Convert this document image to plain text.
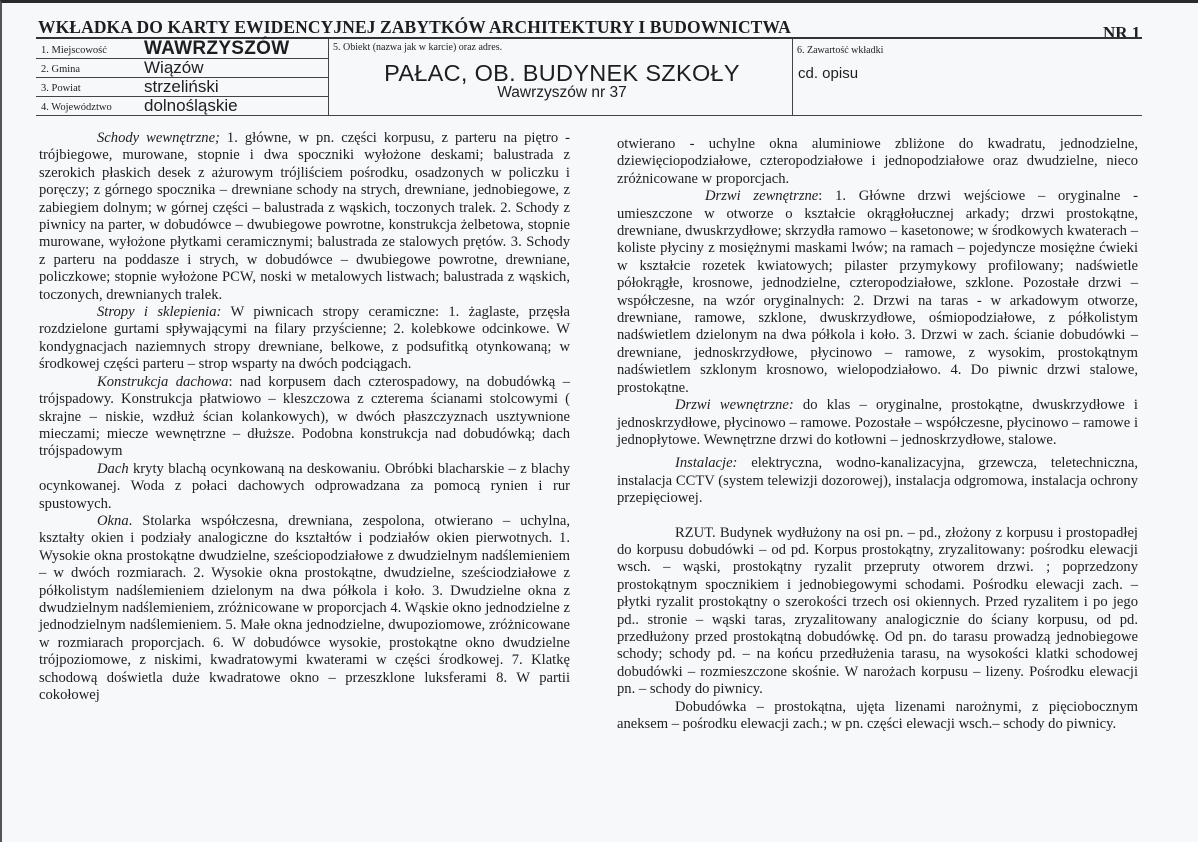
WKŁADKA DO KARTY EWIDENCYJNEJ ZABYTKÓW ARCHITEKTURY I BUDOWNICTWA	NR 1
1. Miejscowość WAWRZYSZÓW
2. Gmina	Wiązów
3. Powiat	strzeliński
4. Województwo dolnośląskie
5. Obiekt (nazwa jak w karcie) oraz adres.
PAŁAC, OB. BUDYNEK SZKOŁY
Wawrzyszów nr 37
6. Zawartość wkładki
cd. opisu

Schody wewnętrzne; 1. główne, w pn. części korpusu, z parteru na piętro - trójbiegowe, murowane, stopnie i dwa spoczniki wyłożone deskami; balustrada z szerokich płaskich desek z ażurowym trójliściem pośrodku, osadzonych w policzku i poręczy; z górnego spocznika – drewniane schody na strych, drewniane, jednobiegowe, z zabiegiem dolnym; w górnej części – balustrada z wąskich, toczonych tralek. 2. Schody z piwnicy na parter, w dobudówce – dwubiegowe powrotne, konstrukcja żelbetowa, stopnie murowane, wyłożone płytkami ceramicznymi; balustrada ze stalowych prętów. 3. Schody z parteru na poddasze i strych, w dobudówce – dwubiegowe powrotne, drewniane, policzkowe; stopnie wyłożone PCW, noski w metalowych listwach; balustrada z wąskich, toczonych, drewnianych tralek.

Stropy i sklepienia: W piwnicach stropy ceramiczne: 1. żaglaste, przęsła rozdzielone gurtami spływającymi na filary przyścienne; 2. kolebkowe odcinkowe. W kondygnacjach naziemnych stropy drewniane, belkowe, z podsufitką otynkowaną; w środkowej części parteru – strop wsparty na dwóch podciągach.

Konstrukcja dachowa: nad korpusem dach czterospadowy, na dobudówką – trójspadowy. Konstrukcja płatwiowo – kleszczowa z czterema ścianami stolcowymi ( skrajne – niskie, wzdłuż ścian kolankowych), w dwóch płaszczyznach usztywnione mieczami; miecze wewnętrzne – dłuższe. Podobna konstrukcja nad dobudówką; dach trójspadowym

Dach kryty blachą ocynkowaną na deskowaniu. Obróbki blacharskie – z blachy ocynkowanej. Woda z połaci dachowych odprowadzana za pomocą rynien i rur spustowych.

Okna. Stolarka współczesna, drewniana, zespolona, otwierano – uchylna, kształty okien i podziały analogiczne do kształtów i podziałów okien pierwotnych. 1. Wysokie okna prostokątne dwudzielne, sześciopodziałowe z dwudzielnym nadślemieniem – w dwóch rozmiarach. 2. Wysokie okna prostokątne, dwudzielne, sześciodziałowe z półkolistym nadślemieniem dzielonym na dwa półkola i koło. 3. Dwudzielne okna z dwudzielnym nadślemieniem, zróżnicowane w proporcjach 4. Wąskie okno jednodzielne z jednodzielnym nadślemieniem. 5. Małe okna jednodzielne, dwupoziomowe, zróżnicowane w rozmiarach proporcjach. 6. W dobudówce wysokie, prostokątne okno dwudzielne trójpoziomowe, z niskimi, kwadratowymi kwaterami w części środkowej. 7. Klatkę schodową doświetla duże kwadratowe okno – przeszklone luksferami 8. W partii cokołowej

otwierano - uchylne okna aluminiowe zbliżone do kwadratu, jednodzielne, dziewięciopodziałowe, czteropodziałowe i jednopodziałowe oraz dwudzielne, nieco zróżnicowane w proporcjach.

Drzwi zewnętrzne: 1. Główne drzwi wejściowe – oryginalne - umieszczone w otworze o kształcie okrągłołucznej arkady; drzwi prostokątne, drewniane, dwuskrzydłowe; skrzydła ramowo – kasetonowe; w środkowych kwaterach – koliste płyciny z mosiężnymi maskami lwów; na ramach – pojedyncze mosiężne ćwieki w kształcie rozetek kwiatowych; pilaster przymykowy profilowany; nadświetle półokrągłe, krosnowe, jednodzielne, czteropodziałowe, szklone. Pozostałe drzwi – współczesne, na wzór oryginalnych: 2. Drzwi na taras - w arkadowym otworze, drewniane, ramowe, szklone, dwuskrzydłowe, ośmiopodziałowe, z półkolistym nadświetlem dzielonym na dwa półkola i koło. 3. Drzwi w zach. ścianie dobudówki – drewniane, jednoskrzydłowe, płycinowo – ramowe, z wysokim, prostokątnym nadświetlem szklonym krosnowo, wielopodziałowo. 4. Do piwnic drzwi stalowe, prostokątne.

Drzwi wewnętrzne: do klas – oryginalne, prostokątne, dwuskrzydłowe i jednoskrzydłowe, płycinowo – ramowe. Pozostałe – współczesne, płycinowo – ramowe i jednopłytowe. Wewnętrzne drzwi do kotłowni – jednoskrzydłowe, stalowe.

Instalacje: elektryczna, wodno-kanalizacyjna, grzewcza, teletechniczna, instalacja CCTV (system telewizji dozorowej), instalacja odgromowa, instalacja ochrony przepięciowej.

RZUT. Budynek wydłużony na osi pn. – pd., złożony z korpusu i prostopadłej do korpusu dobudówki – od pd. Korpus prostokątny, zryzalitowany: pośrodku elewacji wsch. – wąski, prostokątny ryzalit przepruty otworem drzwi. ; poprzedzony prostokątnym spocznikiem i jednobiegowymi schodami. Pośrodku elewacji zach. – płytki ryzalit prostokątny o szerokości trzech osi okiennych. Przed ryzalitem i po jego pd.. stronie – wąski taras, zryzalitowany analogicznie do ściany korpusu, od pd. przedłużony przed prostokątną dobudówkę. Od pn. do tarasu prowadzą jednobiegowe schody; schody pd. – na końcu przedłużenia tarasu, na wysokości klatki schodowej dobudówki – rozmieszczone skośnie. W narożach korpusu – lizeny. Pośrodku elewacji pn. – schody do piwnicy.

Dobudówka – prostokątna, ujęta lizenami narożnymi, z pięciobocznym aneksem – pośrodku elewacji zach.; w pn. części elewacji wsch.– schody do piwnicy.
